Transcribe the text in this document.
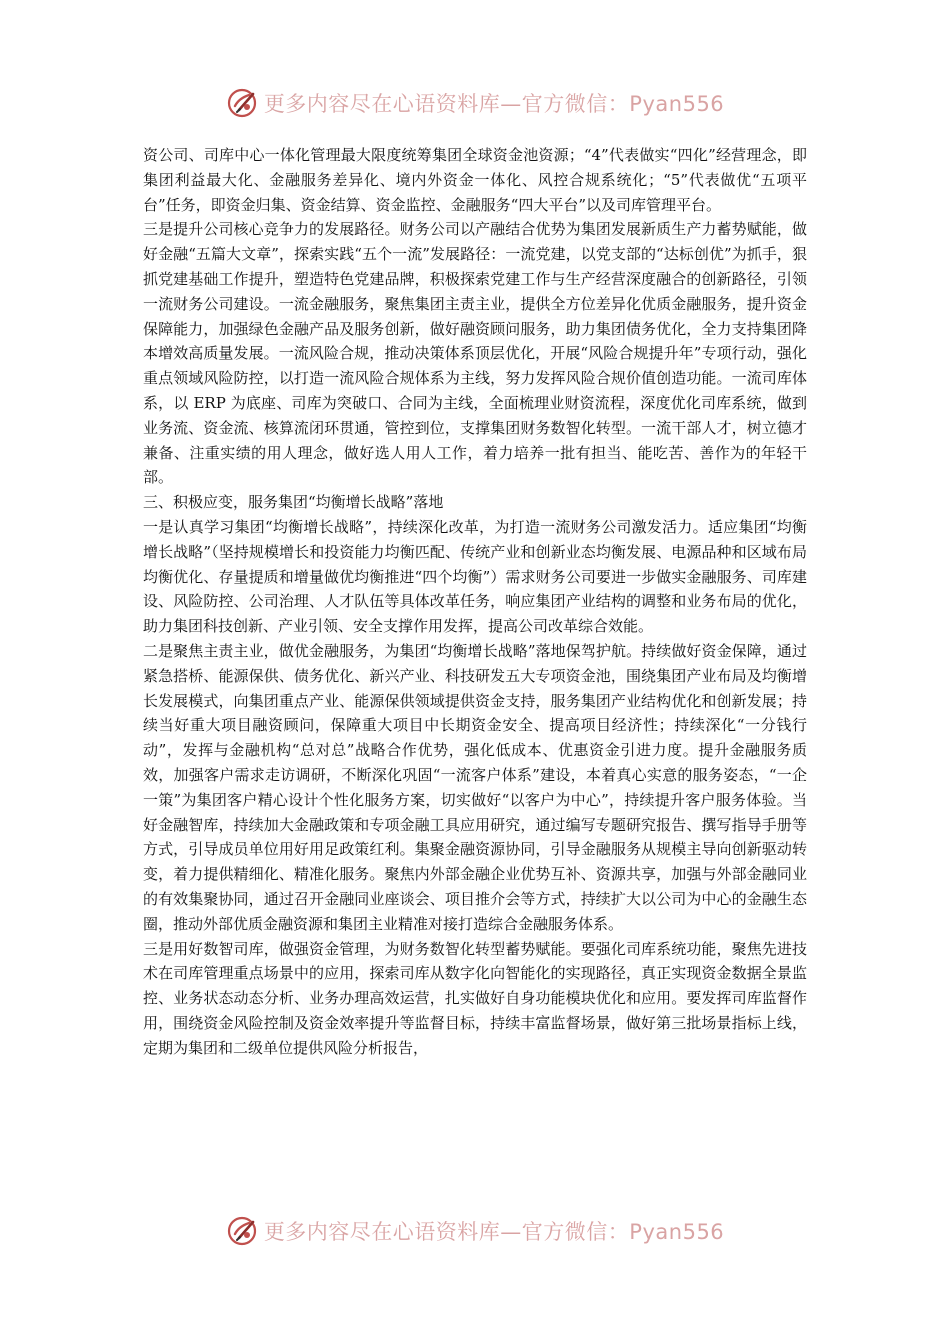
更多内容尽在心语资料库—官方微信：Pyan556

资公司、司库中心一体化管理最大限度统筹集团全球资金池资源；“4”代表做实“四化”经营理念，即集团利益最大化、金融服务差异化、境内外资金一体化、风控合规系统化；“5”代表做优“五项平台”任务，即资金归集、资金结算、资金监控、金融服务“四大平台”以及司库管理平台。

三是提升公司核心竞争力的发展路径。财务公司以产融结合优势为集团发展新质生产力蓄势赋能，做好金融“五篇大文章”，探索实践“五个一流”发展路径：一流党建，以党支部的“达标创优”为抓手，狠抓党建基础工作提升，塑造特色党建品牌，积极探索党建工作与生产经营深度融合的创新路径，引领一流财务公司建设。一流金融服务，聚焦集团主责主业，提供全方位差异化优质金融服务，提升资金保障能力，加强绿色金融产品及服务创新，做好融资顾问服务，助力集团债务优化，全力支持集团降本增效高质量发展。一流风险合规，推动决策体系顶层优化，开展“风险合规提升年”专项行动，强化重点领域风险防控，以打造一流风险合规体系为主线，努力发挥风险合规价值创造功能。一流司库体系，以 ERP 为底座、司库为突破口、合同为主线，全面梳理业财资流程，深度优化司库系统，做到业务流、资金流、核算流闭环贯通，管控到位，支撑集团财务数智化转型。一流干部人才，树立德才兼备、注重实绩的用人理念，做好选人用人工作，着力培养一批有担当、能吃苦、善作为的年轻干部。

三、积极应变，服务集团“均衡增长战略”落地

一是认真学习集团“均衡增长战略”，持续深化改革，为打造一流财务公司激发活力。适应集团“均衡增长战略”（坚持规模增长和投资能力均衡匹配、传统产业和创新业态均衡发展、电源品种和区域布局均衡优化、存量提质和增量做优均衡推进“四个均衡”）需求财务公司要进一步做实金融服务、司库建设、风险防控、公司治理、人才队伍等具体改革任务，响应集团产业结构的调整和业务布局的优化，助力集团科技创新、产业引领、安全支撑作用发挥，提高公司改革综合效能。

二是聚焦主责主业，做优金融服务，为集团“均衡增长战略”落地保驾护航。持续做好资金保障，通过紧急搭桥、能源保供、债务优化、新兴产业、科技研发五大专项资金池，围绕集团产业布局及均衡增长发展模式，向集团重点产业、能源保供领域提供资金支持，服务集团产业结构优化和创新发展；持续当好重大项目融资顾问，保障重大项目中长期资金安全、提高项目经济性；持续深化“一分钱行动”，发挥与金融机构“总对总”战略合作优势，强化低成本、优惠资金引进力度。提升金融服务质效，加强客户需求走访调研，不断深化巩固“一流客户体系”建设，本着真心实意的服务姿态，“一企一策”为集团客户精心设计个性化服务方案，切实做好“以客户为中心”，持续提升客户服务体验。当好金融智库，持续加大金融政策和专项金融工具应用研究，通过编写专题研究报告、撰写指导手册等方式，引导成员单位用好用足政策红利。集聚金融资源协同，引导金融服务从规模主导向创新驱动转变，着力提供精细化、精准化服务。聚焦内外部金融企业优势互补、资源共享，加强与外部金融同业的有效集聚协同，通过召开金融同业座谈会、项目推介会等方式，持续扩大以公司为中心的金融生态圈，推动外部优质金融资源和集团主业精准对接打造综合金融服务体系。

三是用好数智司库，做强资金管理，为财务数智化转型蓄势赋能。要强化司库系统功能，聚焦先进技术在司库管理重点场景中的应用，探索司库从数字化向智能化的实现路径，真正实现资金数据全景监控、业务状态动态分析、业务办理高效运营，扎实做好自身功能模块优化和应用。要发挥司库监督作用，围绕资金风险控制及资金效率提升等监督目标，持续丰富监督场景，做好第三批场景指标上线，定期为集团和二级单位提供风险分析报告，

更多内容尽在心语资料库—官方微信：Pyan556
